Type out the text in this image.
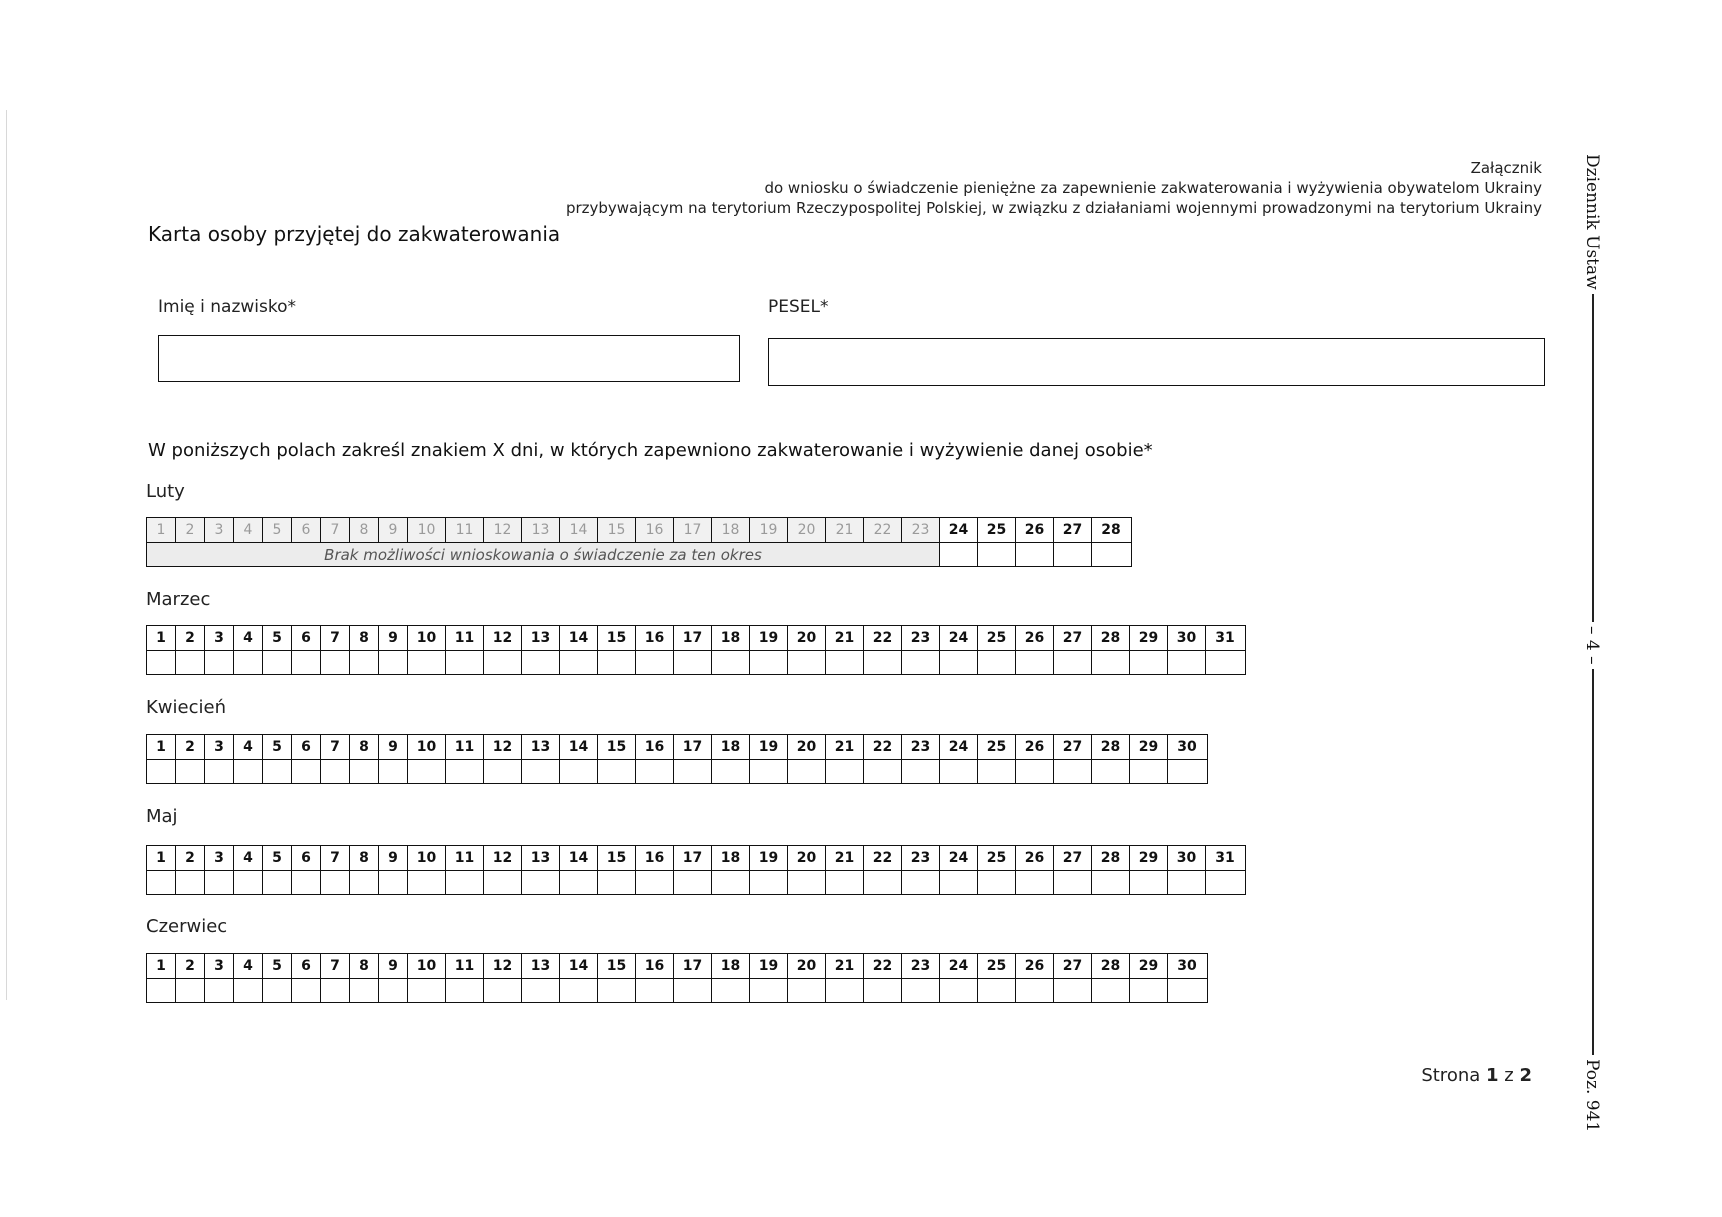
Załącznik
do wniosku o świadczenie pieniężne za zapewnienie zakwaterowania i wyżywienia obywatelom Ukrainy
przybywającym na terytorium Rzeczypospolitej Polskiej, w związku z działaniami wojennymi prowadzonymi na terytorium Ukrainy
Karta osoby przyjętej do zakwaterowania
Imię i nazwisko*	PESEL*
W poniższych polach zakreśl znakiem X dni, w których zapewniono zakwaterowanie i wyżywienie danej osobie*
Luty
1	2	3	4	5	6	7	8	9	10	11	12	13	14	15	16	17	18	19	20	21	22	23	24	25	26	27	28
Brak możliwości wnioskowania o świadczenie za ten okres
Marzec
1	2	3	4	5	6	7	8	9	10	11	12	13	14	15	16	17	18	19	20	21	22	23	24	25	26	27	28	29	30	31
Kwiecień
1	2	3	4	5	6	7	8	9	10	11	12	13	14	15	16	17	18	19	20	21	22	23	24	25	26	27	28	29	30
Maj
1	2	3	4	5	6	7	8	9	10	11	12	13	14	15	16	17	18	19	20	21	22	23	24	25	26	27	28	29	30	31
Czerwiec
1	2	3	4	5	6	7	8	9	10	11	12	13	14	15	16	17	18	19	20	21	22	23	24	25	26	27	28	29	30
Dziennik Ustaw
– 4 –
Poz. 941
Strona 1 z 2
